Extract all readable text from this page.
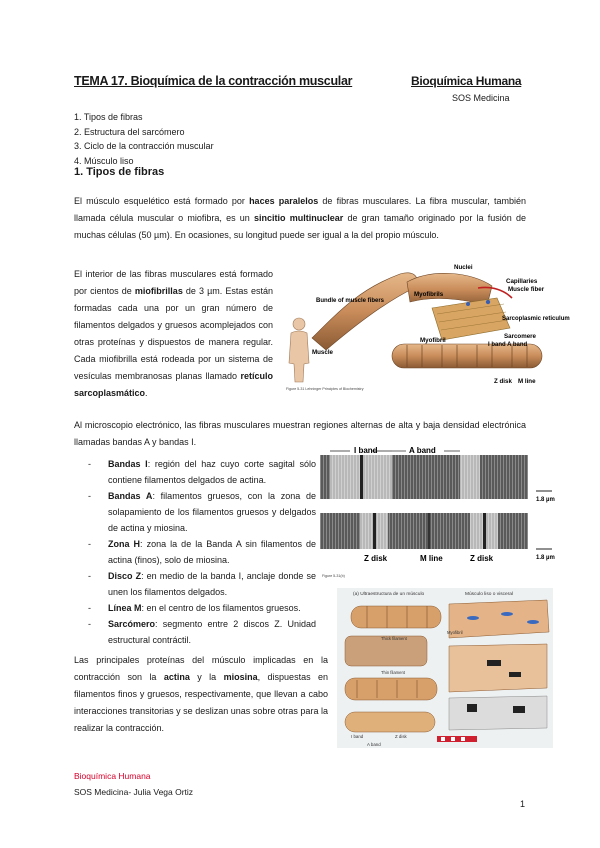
TEMA 17. Bioquímica de la contracción muscular	Bioquímica Humana
SOS Medicina
1. Tipos de fibras
2. Estructura del sarcómero
3. Ciclo de la contracción muscular
4. Músculo liso
1. Tipos de fibras

El músculo esquelético está formado por haces paralelos de fibras musculares. La fibra muscular, también llamada célula muscular o miofibra, es un sincitio multinuclear de gran tamaño originado por la fusión de muchas células (50 µm). En ocasiones, su longitud puede ser igual a la del propio músculo.

El interior de las fibras musculares está formado por cientos de miofibrillas de 3 µm. Estas están formadas cada una por un gran número de filamentos delgados y gruesos acomplejados con otras proteínas y dispuestos de manera regular. Cada miofibrilla está rodeada por un sistema de vesículas membranosas planas llamado retículo sarcoplasmático.

Al microscopio electrónico, las fibras musculares muestran regiones alternas de alta y baja densidad electrónica llamadas bandas A y bandas I.

- Bandas I: región del haz cuyo corte sagital sólo contiene filamentos delgados de actina.
- Bandas A: filamentos gruesos, con la zona de solapamiento de los filamentos gruesos y delgados de actina y miosina.
- Zona H: zona la de la Banda A sin filamentos de actina (finos), solo de miosina.
- Disco Z: en medio de la banda I, anclaje donde se unen los filamentos delgados.
- Línea M: en el centro de los filamentos gruesos.
- Sarcómero: segmento entre 2 discos Z. Unidad estructural contráctil.

Las principales proteínas del músculo implicadas en la contracción son la actina y la miosina, dispuestas en filamentos finos y gruesos, respectivamente, que llevan a cabo interacciones transitorias y se deslizan unas sobre otras para la realizar la contracción.

Nuclei
Capillaries
Myofibrils
Muscle fiber
Bundle of muscle fibers
Sarcoplasmic reticulum
Sarcomere
I band A band
Myofibril
Muscle
Z disk M line
Figure 5-31 Lehninger Principles of Biochemistry
I band	A band
Z disk	M line	Z disk
1.8 µm
1.8 µm
Figure 5-31(b)
(a) Ultraestructura de un músculo	Músculo liso o visceral
Myofibril
Thick filament
Thin filament
Z disk
A band
I band
Bioquímica Humana
SOS Medicina- Julia Vega Ortiz
1
